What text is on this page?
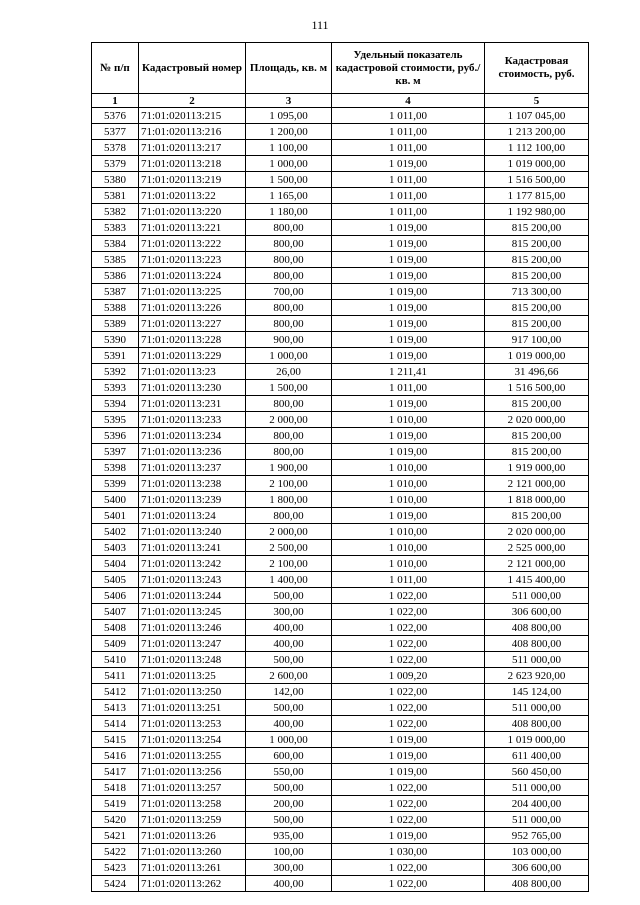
111
№ п/п	Кадастровый номер	Площадь, кв. м	Удельный показатель кадастровой стоимости, руб./кв. м	Кадастровая стоимость, руб.
1	2	3	4	5
5376	71:01:020113:215	1 095,00	1 011,00	1 107 045,00
5377	71:01:020113:216	1 200,00	1 011,00	1 213 200,00
5378	71:01:020113:217	1 100,00	1 011,00	1 112 100,00
5379	71:01:020113:218	1 000,00	1 019,00	1 019 000,00
5380	71:01:020113:219	1 500,00	1 011,00	1 516 500,00
5381	71:01:020113:22	1 165,00	1 011,00	1 177 815,00
5382	71:01:020113:220	1 180,00	1 011,00	1 192 980,00
5383	71:01:020113:221	800,00	1 019,00	815 200,00
5384	71:01:020113:222	800,00	1 019,00	815 200,00
5385	71:01:020113:223	800,00	1 019,00	815 200,00
5386	71:01:020113:224	800,00	1 019,00	815 200,00
5387	71:01:020113:225	700,00	1 019,00	713 300,00
5388	71:01:020113:226	800,00	1 019,00	815 200,00
5389	71:01:020113:227	800,00	1 019,00	815 200,00
5390	71:01:020113:228	900,00	1 019,00	917 100,00
5391	71:01:020113:229	1 000,00	1 019,00	1 019 000,00
5392	71:01:020113:23	26,00	1 211,41	31 496,66
5393	71:01:020113:230	1 500,00	1 011,00	1 516 500,00
5394	71:01:020113:231	800,00	1 019,00	815 200,00
5395	71:01:020113:233	2 000,00	1 010,00	2 020 000,00
5396	71:01:020113:234	800,00	1 019,00	815 200,00
5397	71:01:020113:236	800,00	1 019,00	815 200,00
5398	71:01:020113:237	1 900,00	1 010,00	1 919 000,00
5399	71:01:020113:238	2 100,00	1 010,00	2 121 000,00
5400	71:01:020113:239	1 800,00	1 010,00	1 818 000,00
5401	71:01:020113:24	800,00	1 019,00	815 200,00
5402	71:01:020113:240	2 000,00	1 010,00	2 020 000,00
5403	71:01:020113:241	2 500,00	1 010,00	2 525 000,00
5404	71:01:020113:242	2 100,00	1 010,00	2 121 000,00
5405	71:01:020113:243	1 400,00	1 011,00	1 415 400,00
5406	71:01:020113:244	500,00	1 022,00	511 000,00
5407	71:01:020113:245	300,00	1 022,00	306 600,00
5408	71:01:020113:246	400,00	1 022,00	408 800,00
5409	71:01:020113:247	400,00	1 022,00	408 800,00
5410	71:01:020113:248	500,00	1 022,00	511 000,00
5411	71:01:020113:25	2 600,00	1 009,20	2 623 920,00
5412	71:01:020113:250	142,00	1 022,00	145 124,00
5413	71:01:020113:251	500,00	1 022,00	511 000,00
5414	71:01:020113:253	400,00	1 022,00	408 800,00
5415	71:01:020113:254	1 000,00	1 019,00	1 019 000,00
5416	71:01:020113:255	600,00	1 019,00	611 400,00
5417	71:01:020113:256	550,00	1 019,00	560 450,00
5418	71:01:020113:257	500,00	1 022,00	511 000,00
5419	71:01:020113:258	200,00	1 022,00	204 400,00
5420	71:01:020113:259	500,00	1 022,00	511 000,00
5421	71:01:020113:26	935,00	1 019,00	952 765,00
5422	71:01:020113:260	100,00	1 030,00	103 000,00
5423	71:01:020113:261	300,00	1 022,00	306 600,00
5424	71:01:020113:262	400,00	1 022,00	408 800,00
